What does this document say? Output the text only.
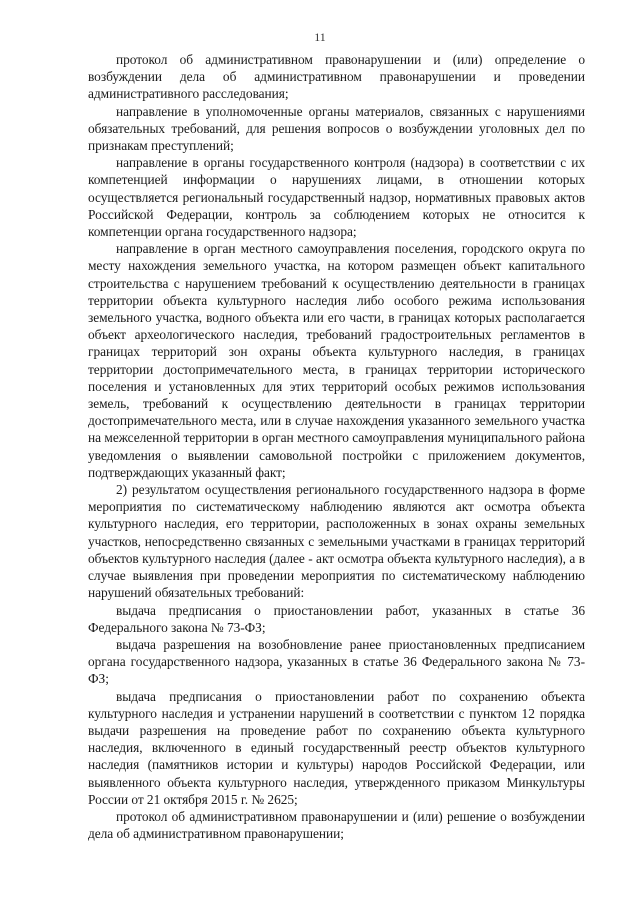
11

протокол об административном правонарушении и (или) определение о возбуждении дела об административном правонарушении и проведении административного расследования;

направление в уполномоченные органы материалов, связанных с нарушениями обязательных требований, для решения вопросов о возбуждении уголовных дел по признакам преступлений;

направление в органы государственного контроля (надзора) в соответствии с их компетенцией информации о нарушениях лицами, в отношении которых осуществляется региональный государственный надзор, нормативных правовых актов Российской Федерации, контроль за соблюдением которых не относится к компетенции органа государственного надзора;

направление в орган местного самоуправления поселения, городского округа по месту нахождения земельного участка, на котором размещен объект капитального строительства с нарушением требований к осуществлению деятельности в границах территории объекта культурного наследия либо особого режима использования земельного участка, водного объекта или его части, в границах которых располагается объект археологического наследия, требований градостроительных регламентов в границах территорий зон охраны объекта культурного наследия, в границах территории достопримечательного места, в границах территории исторического поселения и установленных для этих территорий особых режимов использования земель, требований к осуществлению деятельности в границах территории достопримечательного места, или в случае нахождения указанного земельного участка на межселенной территории в орган местного самоуправления муниципального района уведомления о выявлении самовольной постройки с приложением документов, подтверждающих указанный факт;

2) результатом осуществления регионального государственного надзора в форме мероприятия по систематическому наблюдению являются акт осмотра объекта культурного наследия, его территории, расположенных в зонах охраны земельных участков, непосредственно связанных с земельными участками в границах территорий объектов культурного наследия (далее - акт осмотра объекта культурного наследия), а в случае выявления при проведении мероприятия по систематическому наблюдению нарушений обязательных требований:

выдача предписания о приостановлении работ, указанных в статье 36 Федерального закона № 73-ФЗ;

выдача разрешения на возобновление ранее приостановленных предписанием органа государственного надзора, указанных в статье 36 Федерального закона № 73-ФЗ;

выдача предписания о приостановлении работ по сохранению объекта культурного наследия и устранении нарушений в соответствии с пунктом 12 порядка выдачи разрешения на проведение работ по сохранению объекта культурного наследия, включенного в единый государственный реестр объектов культурного наследия (памятников истории и культуры) народов Российской Федерации, или выявленного объекта культурного наследия, утвержденного приказом Минкультуры России от 21 октября 2015 г. № 2625;

протокол об административном правонарушении и (или) решение о возбуждении дела об административном правонарушении;
